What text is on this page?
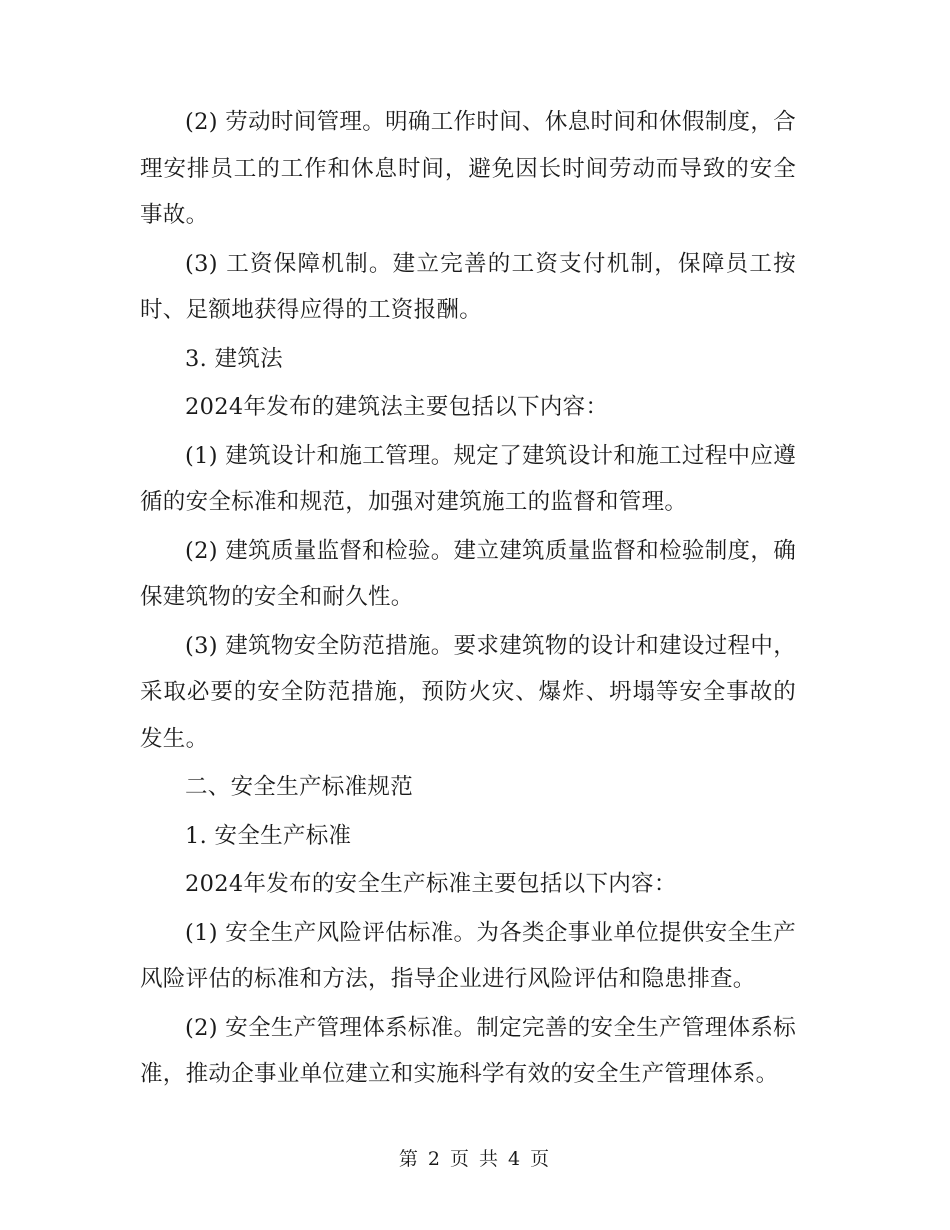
(2) 劳动时间管理。明确工作时间、休息时间和休假制度，合理安排员工的工作和休息时间，避免因长时间劳动而导致的安全事故。

(3) 工资保障机制。建立完善的工资支付机制，保障员工按时、足额地获得应得的工资报酬。

3. 建筑法

2024年发布的建筑法主要包括以下内容：

(1) 建筑设计和施工管理。规定了建筑设计和施工过程中应遵循的安全标准和规范，加强对建筑施工的监督和管理。

(2) 建筑质量监督和检验。建立建筑质量监督和检验制度，确保建筑物的安全和耐久性。

(3) 建筑物安全防范措施。要求建筑物的设计和建设过程中，采取必要的安全防范措施，预防火灾、爆炸、坍塌等安全事故的发生。

二、安全生产标准规范

1. 安全生产标准

2024年发布的安全生产标准主要包括以下内容：

(1) 安全生产风险评估标准。为各类企事业单位提供安全生产风险评估的标准和方法，指导企业进行风险评估和隐患排查。

(2) 安全生产管理体系标准。制定完善的安全生产管理体系标准，推动企事业单位建立和实施科学有效的安全生产管理体系。

第 2 页 共 4 页
